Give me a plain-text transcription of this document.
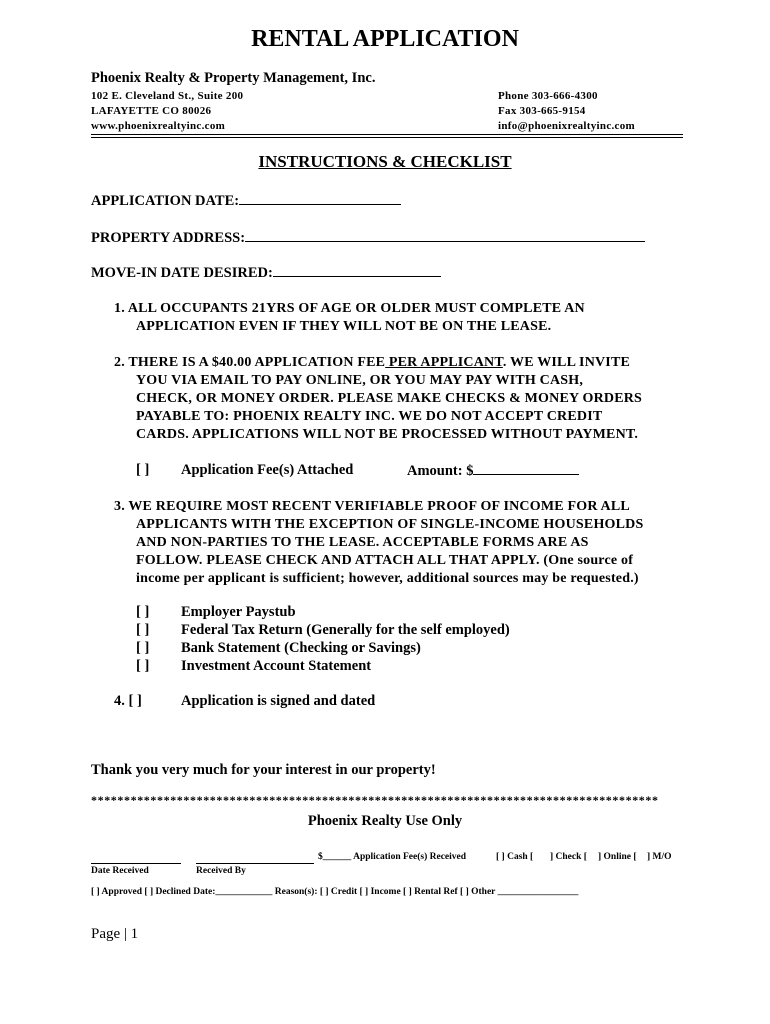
RENTAL APPLICATION
Phoenix Realty & Property Management, Inc.
102 E. Cleveland St., Suite 200
LAFAYETTE CO 80026
www.phoenixrealtyinc.com
Phone 303-666-4300
Fax 303-665-9154
info@phoenixrealtyinc.com
INSTRUCTIONS & CHECKLIST
APPLICATION DATE:
PROPERTY ADDRESS:
MOVE-IN DATE DESIRED:
1. ALL OCCUPANTS 21YRS OF AGE OR OLDER MUST COMPLETE AN
APPLICATION EVEN IF THEY WILL NOT BE ON THE LEASE.
2. THERE IS A $40.00 APPLICATION FEE PER APPLICANT. WE WILL INVITE
YOU VIA EMAIL TO PAY ONLINE, OR YOU MAY PAY WITH CASH,
CHECK, OR MONEY ORDER. PLEASE MAKE CHECKS & MONEY ORDERS
PAYABLE TO: PHOENIX REALTY INC. WE DO NOT ACCEPT CREDIT
CARDS. APPLICATIONS WILL NOT BE PROCESSED WITHOUT PAYMENT.
[ ] Application Fee(s) Attached	Amount: $
3. WE REQUIRE MOST RECENT VERIFIABLE PROOF OF INCOME FOR ALL
APPLICANTS WITH THE EXCEPTION OF SINGLE-INCOME HOUSEHOLDS
AND NON-PARTIES TO THE LEASE. ACCEPTABLE FORMS ARE AS
FOLLOW. PLEASE CHECK AND ATTACH ALL THAT APPLY. (One source of
income per applicant is sufficient; however, additional sources may be requested.)
[ ] Employer Paystub
[ ] Federal Tax Return (Generally for the self employed)
[ ] Bank Statement (Checking or Savings)
[ ] Investment Account Statement
4. [ ]	Application is signed and dated
Thank you very much for your interest in our property!
**************************************************************************************
Phoenix Realty Use Only
$______ Application Fee(s) Received	[ ] Cash [ ] Check [ ] Online [ ] M/O
Date Received	Received By
[ ] Approved [ ] Declined Date:____________ Reason(s): [ ] Credit [ ] Income [ ] Rental Ref [ ] Other _________________
Page | 1
